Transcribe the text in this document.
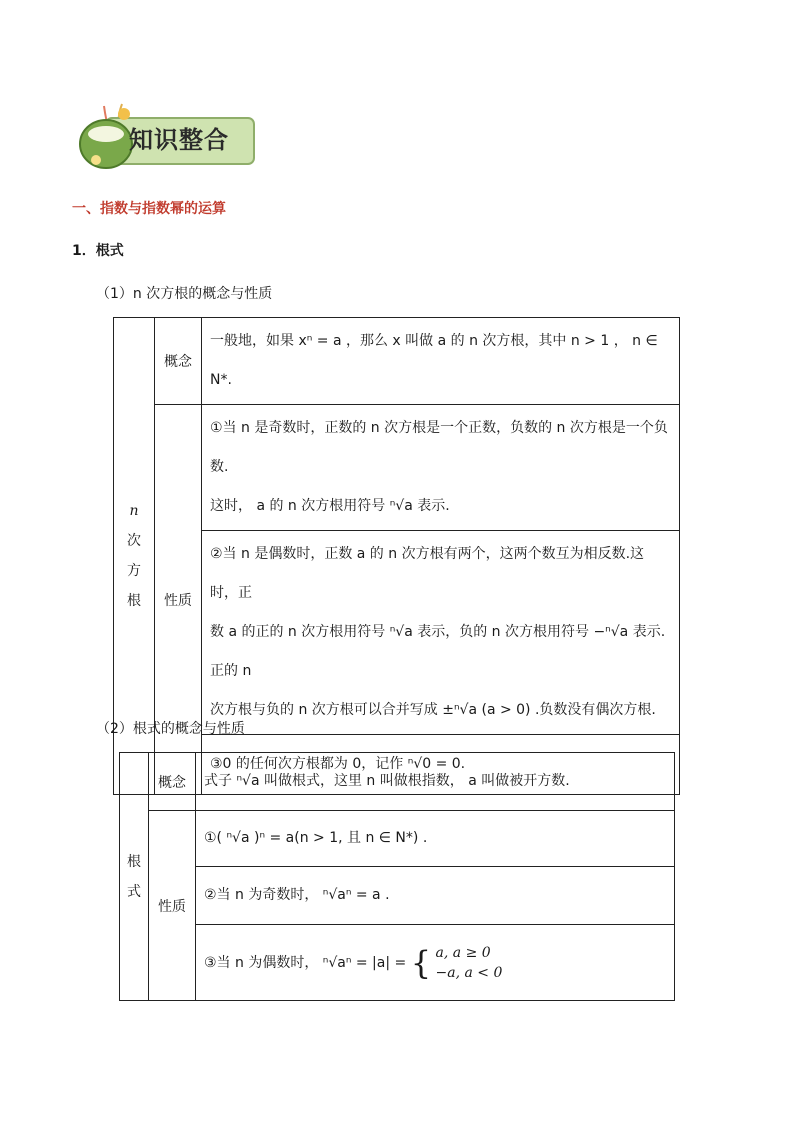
知识整合
一、指数与指数幂的运算
1．根式
（1）n 次方根的概念与性质
n
次
方
根	概念	一般地，如果 xⁿ = a ，那么 x 叫做 a 的 n 次方根，其中 n > 1 ， n ∈ N*.
	性质	①当 n 是奇数时，正数的 n 次方根是一个正数，负数的 n 次方根是一个负数.
这时， a 的 n 次方根用符号 ⁿ√a 表示.

		②当 n 是偶数时，正数 a 的 n 次方根有两个，这两个数互为相反数.这时，正
数 a 的正的 n 次方根用符号 ⁿ√a 表示，负的 n 次方根用符号 −ⁿ√a 表示.正的 n
次方根与负的 n 次方根可以合并写成 ±ⁿ√a (a > 0) .负数没有偶次方根.

		③0 的任何次方根都为 0，记作 ⁿ√0 = 0.
（2）根式的概念与性质
根
式	概念	式子 ⁿ√a 叫做根式，这里 n 叫做根指数， a 叫做被开方数.
	性质	①( ⁿ√a )ⁿ = a(n > 1, 且 n ∈ N*) .
		②当 n 为奇数时， ⁿ√aⁿ = a .
		③当 n 为偶数时， ⁿ√aⁿ = |a| = { a, a ≥ 0
−a, a < 0
